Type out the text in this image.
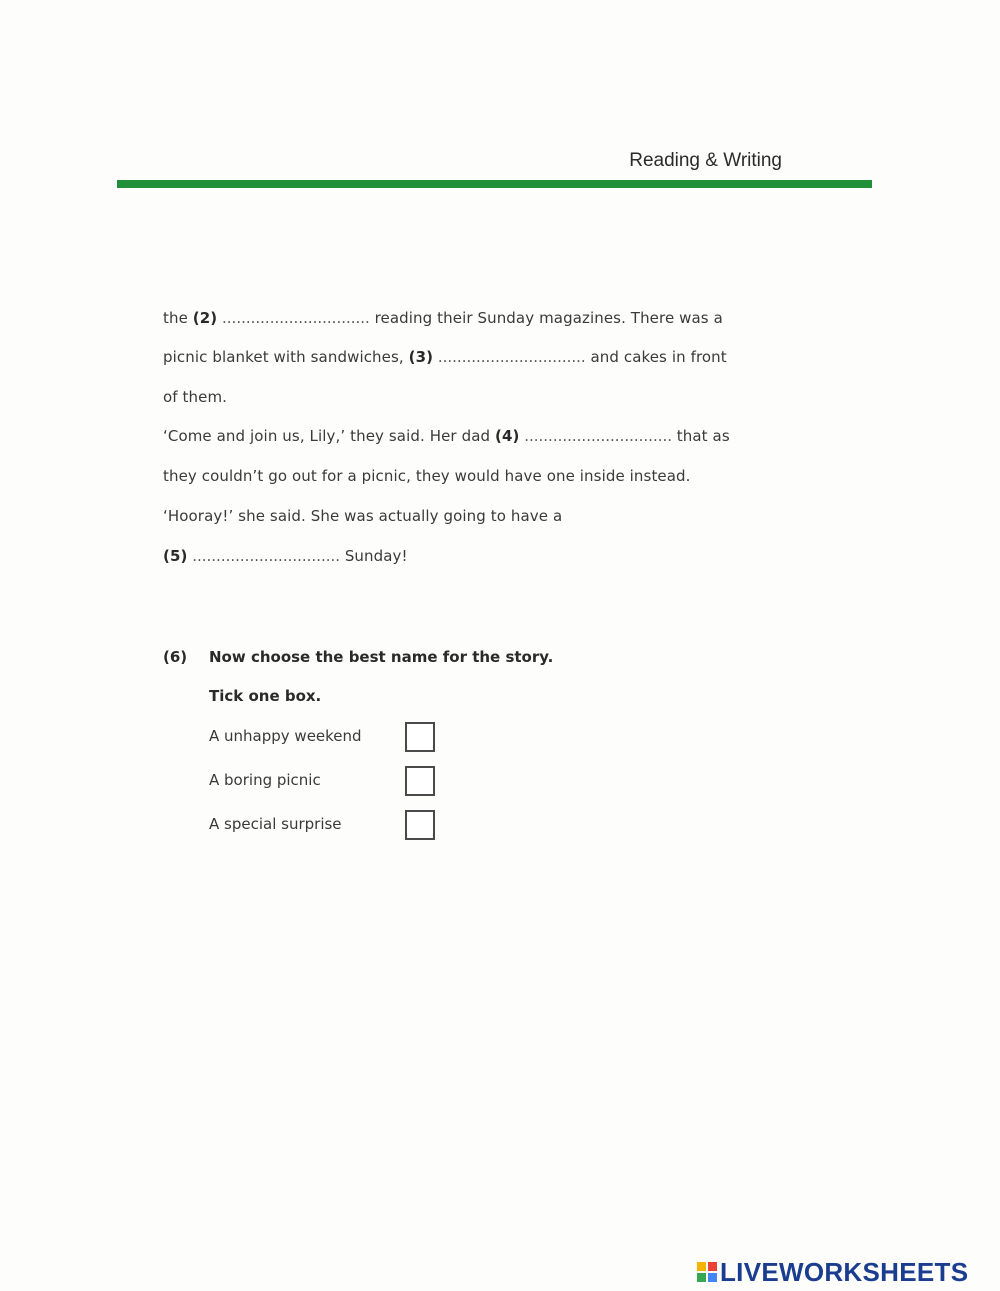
Reading & Writing
the (2) ............................... reading their Sunday magazines. There was a
picnic blanket with sandwiches, (3) ............................... and cakes in front
of them.
‘Come and join us, Lily,’ they said. Her dad (4) ............................... that as
they couldn’t go out for a picnic, they would have one inside instead.
‘Hooray!’ she said. She was actually going to have a
(5) ............................... Sunday!
(6) Now choose the best name for the story.
Tick one box.
A unhappy weekend
A boring picnic
A special surprise
LIVEWORKSHEETS
